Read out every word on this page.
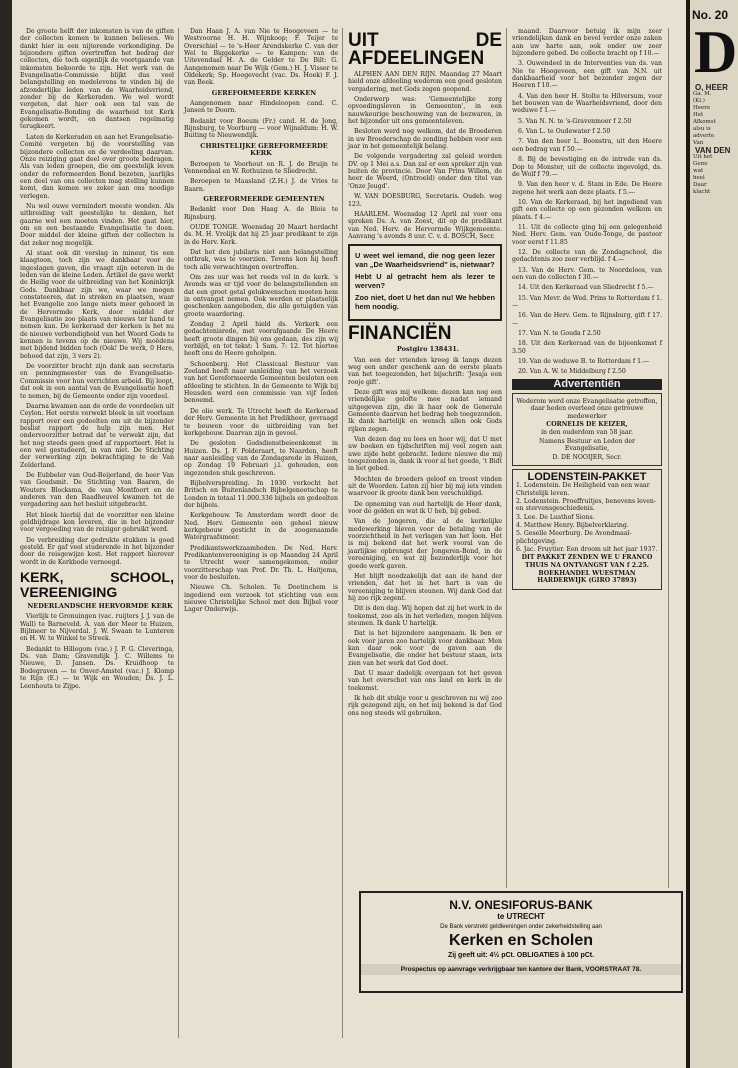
De groote helft der inkomsten is van de giften der collecten komen te kunnen beliesen. We dankt hier in een nijterende verkondiging. De bijzondere giften overtreffen het bedrag der collecten, die toch eigenlijk de voortgaande van inkomsten bekoorde te zijn. Het werk van de Evangelisatie-Commissie blijkt dus veel belangstelling en medelevens te vinden bij de afzonderlijke leden van de Waarheidsvriend, zonder bij de Kerkeraden. We wel wordt vergeten, dat hier ook een tal van de Evangelisatie-Bonding de waarheid tot Kerk gekomen wordt, en dantsen regelmatig terugkeert.

Laten de Kerkeraden en aan het Evangelisatie-Comité vergeten bij de voorstelling van bijzondere collecten en de verdeeling daarvan. Onze reiziging gaat deel over groote bedragen. Als van leden groepen, die om geestelijk leven onder de reformeerden Bond bezeten, jaarlijks een deel van ons collecten mag stelling kunnen komt, dan komen we zeker aan ons noodige verlegen.

Nu wel ouwe vermindert meeste wonden. Als uitbreiding valt geestelijke te denken, het gaarne wel een moeten vinden. Het gaat hier, om en een bestaande Evangelisatie te doen. Door middel der kleine giften der collecten is dat zeker nog mogelijk.

Al staat ook dit verslag in mineur, tis een klaagtoon, toch zijn we dankbaar voor de ingeslagen gaven, die vraagt zijn eeteren in de leden van de kleine Leden. Artikel de gave werkt de Heilig voor de uitbreiding van het Koninkrijk Gods. Dankbaar zijn we, waar we mogen constateeren, dat in streken en plaatsen, waar het Evangelie zoo lange niets meer gehoord in de Hervormde Kerk, door middel der Evangelisatie zoo plaats van nieuws ter hand te nemen kan. De kerkeraad der kerken is het nu de nieuwe verbondigheid van het Woord Gods te kennen is tevens op de nieuwe. Wij moëdens met bijdend bidden toch (Ook! De werk, 0 Here, behoed dat zijn, 3 vers 2).

De voorzitter bracht zijn dank aan secretaris en penningmeester van de Evangelisatie-Commissie voor hun verrichten arbeid. Bij loopt, dat ook in een aantal van de Evangelisatie hoeft te nemen, bij de Gemeente onder zijn voordeel.

Daarna kwamen aan de orde de voordeelen uit Ceylon. Het eerste verwekt bleek in uit voorlaan rapport over een gedeelten om uit de bijzonder beslist rapport de hulp zijn men. Het ondervoorzitter betrad dat te verwekt zijn, dat het nog steeds geen goed af rapporteert. Het is een wel gestudeerd, in van niet. De Stichting der verwerking zijn bekrachtiging te de Van Zelderland.

De Eubbeler van Oud-Beijerland, de heer Van van Goudsmit. De Stichting van Baaren, de Wouters Blocksma, de van Montfoort en de anderen van den Raadheuvel kwamen tot de vergadering aan het besluit uitgebracht.

Het bleek hierbij dat de voorzitter een kleine geldbijdrage kon leveren, die in het bijzonder voor vergoeding van de reiziger gebruikt werd.

De verbreiding der gedrukte stukken is goed gesteld. Er gaf veel studerende in het bijzonder door de reisgewijze kost. Het rapport hierover wordt in de Kerkbode vernoegd.

KERK, SCHOOL, VEREENIGING

NEDERLANDSCHE HERVORMDE KERK

Vierlijk te Gronuingen (vac. ruijters J. J. van de Wall) te Barneveld. A. van der Meer te Huizen, Bijlmeer te Nijverdal. J. W. Swaan te Lunteren en H. W. te Winkel te Streek.

Bedankt te Hillegom (vac.) J. P. G. Cleveringa, Ds. van Dam; Gravendijk J. C. Willems te Nieuwe, D. Jansen. Ds. Kruidhoop te Bodegraven — te Onver-Amstel (vac.) J. Klomp te Rijn (E.) — te Wijk en Wouden; Ds. J. L. Leenhouts te Zijpe.

Dan Haan J. A. van Nie te Hoogeveen — te Westvoorne H. H. Wijnkoop; F. Teijer te Overschiel — te 's-Heer Arendskerke C. van der Wel te Biggekerke — te Kampen: van de Uitevendaal H. A. de Gelder te De Bilt: G. Aangenomen naar De Wijk (Gem.) H. J. Visser te Oldekerk; Sp. Hoogevecht (vac. Ds. Hoek) F. J. van Beek.

GEREFORMEERDE KERKEN

Aangenomen naar Hindeloopen cand. C. Jansen te Doorn.

Bedankt voor Boeum (Fr.) cand. H. de Jong, Rijnsburg, te Voorburg — voor Wijnaldum: H. W. Buiting te Nieuwendijk.

CHRISTELIJKE GEREFORMEERDE KERK

Beroepen te Voorhout en R. J. de Bruijn te Vennendaal en W. Rothuizen te Sliedrecht.

Beroepen te Maasland (Z.H.) J. de Vries te Baarn.

GEREFORMEERDE GEMEENTEN

Bedankt voor Den Haag A. de Blois te Rijnsburg.

OUDE TONGE. Woensdag 20 Maart herdacht ds. M. H. Vrolijk dat hij 25 jaar predikant te zijn in de Herv. Kerk.

Dat het den jubilaris niet aan belangstelling ontbrak, was te voorzien. Tevens kon hij heeft toch alle verwachtingen overtroffen.

Om zes uur was het reeds vol in de kerk. 's Avonds was er tijd voor de belangstellenden en dat een groot getal gelukwenschen moeten hem in ontvangst nemen. Ook werden er plaatselijk geschenken aangeboden, die alle getuigden van groote waardering.

Zondag 2 April hield ds. Verkerk een gedachtenisrede, met voorafgaande De Heere heeft groote dingen bij ons gedaan, des zijn wij verblijd, en tot tekst: 1 Sam. 7: 12. Tot hiertoe heeft ons de Heere geholpen.

Schoenberg. Het Classicaal Bestuur van Zeeland heeft naar aanleiding van het verzoek van het Gereformeerde Gemeenten besloten een afdeeling te stichten. In de Gemeente te Wijk bij Heusden werd een commissie van vijf leden benoemd.

De olie werk. Te Utrecht heeft de Kerkeraad der Herv. Gemeente in het Predikheer, gevraagd te bouwen voor de uitbreiding van het kerkgebouw. Daarvan zijn in gevoel.

De gesloten Godsdienstbeieenkomst in Huizen. Ds. J. F. Polderaart, te Naarden, heeft naar aanleiding van de Zondagsrede in Huizen, op Zondag 19 Februari j.l. gehouden, een ingezonden stuk geschreven.

Bijbelverspreiding. In 1930 verkocht het Britsch en Buitenlandsch Bijbelgenootschap te Londen in totaal 11.000.336 bijbels en gedeelten der bijbels.

Kerkgebouw. Te Amsterdam wordt door de Ned. Herv. Gemeente een geheel nieuw kerkgebouw gesticht in de zoogenaamde Watergraafsmeer.

Predikantswerkzaamheden. De Ned. Herv. Predikantenvereeniging is op Maandag 24 April te Utrecht weer samengekomen, onder voorzitterschap van Prof. Dr. Th. L. Haitjema, voor de besluiten.

Nieuwe Ch. Scholen. Te Doetinchem is ingediend een verzoek tot stichting van een nieuwe Christelijke School met den Bijbel voor Lager Onderwijs.

UIT DE AFDEELINGEN

ALPHEN AAN DEN RIJN. Maandag 27 Maart hield onze afdeeling wederom een goed gesloten vergadering, met Gods zegen geopend.

Onderwerp was: 'Gemeentelijke zorg opvoedingsleven in Gemeenten', in een nauwkeurige beschouwing van de bezwaren, in het bijzonder uit ons gemeenteleven.

Besloten werd nog welkom, dat de Broederen in uw Broederschap de zending hebben voor een jaar in het gemeentelijk belang.

De volgende vergadering zal geleid worden DV. op 1 Mei a.s. Dan zal er een spreker zijn van buiten de provincie. Door Van Prins Willem, de heer de Weerd, (Ontroeld) onder den titel van 'Onze Jeugd'.

W. VAN DOESBURG, Secretaris. Oudeb. weg 123.

HAARLEM. Woensdag 12 April zal voor ons spreken Ds. A. van Zoest, dit op de predikant van Ned. Herv. de Hervormde Wijkgemeente. Aanvang 's avonds 8 uur. C. v. d. BOSCH, Secr.

U weet wel iemand, die nog geen lezer van „De Waarheidsvriend" is, nietwaar?

Hebt U al getracht hem als lezer te werven?

Zoo niet, doet U het dan nu! We hebben hem noodig.

FINANCIËN

Postgiro 138431.

Van een der vrienden kreeg ik langs dezen weg een ander geschenk aan de eerste plaats van het toegezonden, het bijschrift: 'Jesaja een rooje gift'.

Deze gift was mij welkom: dezen kan nog een vriendelijke gelofte mee nadat iemand uitgegeven zijn, die ik haar ook de Generale Gemeente daarvan het bedrag heb toegezonden. Ik dank hartelijk en wensch allen ook Gods rijken zegen.

Van dezen dag nu lees en hoor wij, dat U met uw boeken en tijdschriften mij veel zegen aan uwe zijde hebt gebracht. Iedere nieuwe die mij toegezonden is, dank ik voor al het goede, 't Bidt in het gebed.

Mochten de broeders geloof en troost vinden uit de Woorden. Laten zij hier bij mij iets vinden waarvoor ik groote dank ben verschuldigd.

De opneming van oud hartelijk de Heer dank, voor de gelden en wat ik U heb, bij gebed.

Van de Jongeren, die al de kerkelijke medewerking bleven voor de betaling van de voorzichtheid in het verlagen van het loon. Het is mij bekend dat het werk vooral van de jaarlijkse opbrengst der Jongeren-Bond, in de vereeniging, en wat zij bezonderlijk voor het goede werk gaven.

Het blijft noodzakelijk dat aan de hand der vrienden, dat het in het hart is van de vereeniging te blijven steunen. Wij dank God dat hij zoo rijk zegent.

Dit is den dag. Wij hopen dat zij het werk in de toekomst, zoo als in het verleden, mogen blijven steunen. Ik dank U hartelijk.

Dat is het bijzondere aangenaam. Ik ben er ook voor jaren zoo hartelijk voor dankbaar. Men kan daar ook voor de gaven aan de Evangelisatie, die onder het bestuur staan, iets zien van het werk dat God doet.

Dat U maar dadelijk overgaan tot het geven van het overschot van ons land en kerk in de toekomst.

Ik heb dit stukje voor u geschreven nu wij zoo rijk gezegend zijn, en het mij bekend is dat God ons nog steeds wil gebruiken.

maand. Daarvoor betuig ik mijn zeer vriendelijken dank en bevel verder onze zaken aan uw harte aan, ook onder uw zeer bijzondere gebed. De collecte bracht op f 10.—

3. Ouwendeel in de Interventies van ds. van Nie te Hoogeveen, een gift van N.N. uit dankbaarheid voor het bezonder zegen der Heeren f 10.—

4. Van den heer H. Stolte te Hilversum, voor het bouwen van de Waarheidsvriend, door den weduwe f 1.—

5. Van N. N. te 's-Gravenmoer f 2.50

6. Van L. te Oudewater f 2.50

7. Van den heer L. Boonstra, uit den Heere een bedrag van f 50.—

8. Bij de bevestiging en de intrede van ds. Dop te Monster, uit de collecte ingevolgd, ds. de Wolf f 79.—

9. Van den heer v. d. Stam in Ede. De Heere zegene het werk aan deze plaats. f 5.—

10. Van de Kerkeraad, bij het ingediend van gift een collecte op een gezonden welkom en plaats. f 4.—

11. Uit de collecte ging bij een gelegenheid Ned. Herv. Gem. van Oude-Tonge, de pastoor voor eerst f 11.85

12. De collecte van de Zondagschool, die gedachtenis zoo zeer verblijd. f 4.—

13. Van de Herv. Gem. te Noordeloos, van een van de collecten f 30.—

14. Uit den Kerkeraad van Sliedrecht f 5.—

15. Van Mevr. de Wed. Prins te Rotterdam f 1.—

16. Van de Herv. Gem. te Rijnsburg, gift f 17.—

17. Van N. te Gouda f 2.50

18. Uit den Kerkeraad van de bijeenkomst f 3.50

19. Van de weduwe B. te Rotterdam f 1.—

20. Van A. W. te Middelburg f 2.50

Advertentiën

Wederom werd onze Evangelisatie getroffen, daar heden overleed onze getrouwe medewerker

CORNELIS DE KEIZER,

in den ouderdom van 58 jaar.

Namens Bestuur en Leden der Evangelisatie,

D. DE NOOIJER, Secr.

LODENSTEIN-PAKKET

1. Lodenstein. De Heiligheid van een waar Christelijk leven.

2. Lodenstein. Proeffruitjes, benevens leven- en stervensgeschiedenis.

3. Lee. De Lusthof Sions.

4. Matthew Henry. Bijbelverklaring.

5. Geselle Meerburg. De Avondmaal-plichtgeving.

6. Jac. Fruytier. Een droom uit het jaar 1937.

DIT PAKKET ZENDEN WE U FRANCO THUIS NA ONTVANGST VAN f 2.25.

BOEKHANDEL WUESTMAN HARDERWIJK (GIRO 37893)

N.V. ONESIFORUS-BANK
te UTRECHT
De Bank verstrekt geldleeningen onder zekerheidstelling aan
Kerken en Scholen
Zij geeft uit: 4½ pCt. OBLIGATIES à 100 pCt.
Prospectus op aanvrage verkrijgbaar ten kantore der Bank, VOORSTRAAT 78.
No. 20
D
O, HEER
Ga. M.
(Kl.)
Heere
Het
Afkomst
alsu is
adverte
Van
VAN DEN
Uit het
Gene
wat
heel
Daar
klacht
